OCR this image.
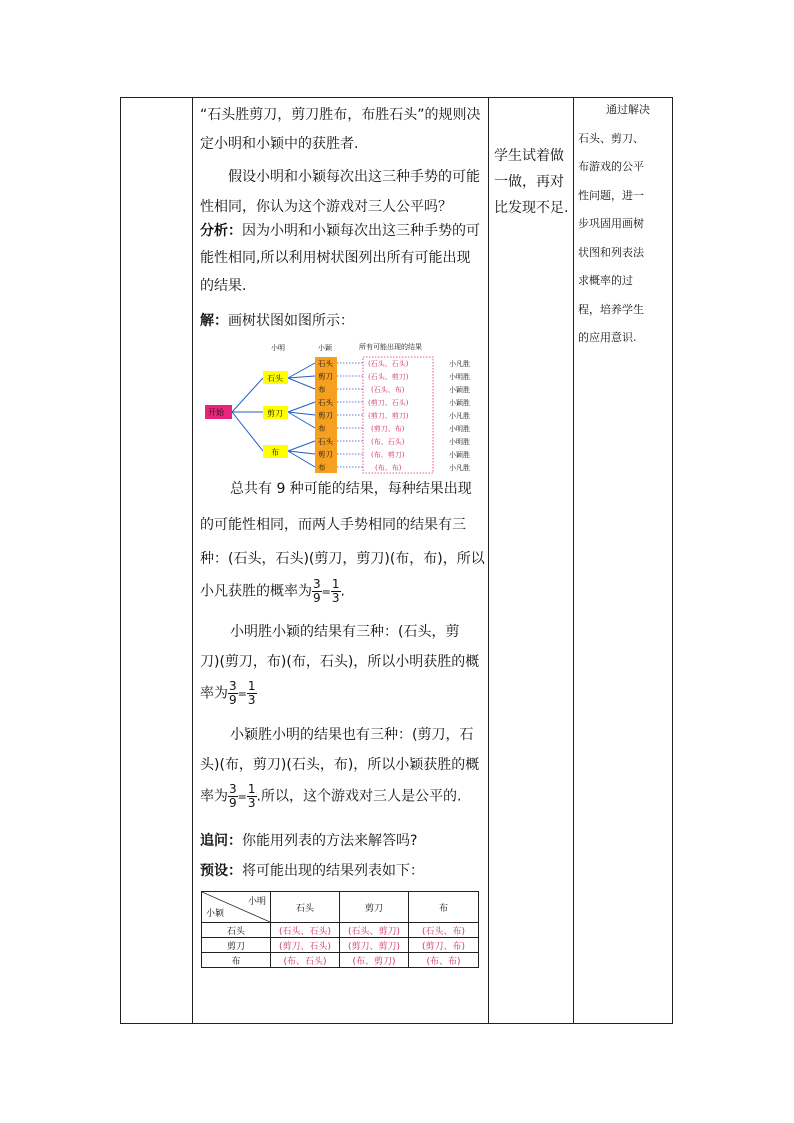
“石头胜剪刀，剪刀胜布，布胜石头”的规则决
定小明和小颖中的获胜者.
假设小明和小颖每次出这三种手势的可能
性相同，你认为这个游戏对三人公平吗？
分析：因为小明和小颖每次出这三种手势的可
能性相同,所以利用树状图列出所有可能出现
的结果.
解：画树状图如图所示：
总共有 9 种可能的结果，每种结果出现
的可能性相同，而两人手势相同的结果有三
种：(石头，石头)(剪刀，剪刀)(布，布)，所以
小凡获胜的概率为 $\frac{3}{9} = \frac{1}{3}$ .
小明胜小颖的结果有三种：(石头，剪
刀)(剪刀，布)(布，石头)，所以小明获胜的概
率为 $\frac{3}{9} = \frac{1}{3}$
小颖胜小明的结果也有三种：(剪刀，石
头)(布，剪刀)(石头，布)，所以小颖获胜的概
率为 $\frac{3}{9} = \frac{1}{3}$ .所以，这个游戏对三人是公平的.
追问：你能用列表的方法来解答吗?
预设：将可能出现的结果列表如下：
小明	小颖	所有可能出现的结果
开始
石头
剪刀
布
石头
剪刀
布
石头
剪刀
布
石头
剪刀
布
(石头、石头)
(石头、剪刀)
(石头、布)
(剪刀、石头)
(剪刀、剪刀)
(剪刀、布)
(布、石头)
(布、剪刀)
(布、布)
小凡胜
小明胜
小颖胜
小颖胜
小凡胜
小明胜
小明胜
小颖胜
小凡胜
小明
小颖	石头	剪刀	布
石头	(石头、石头)	(石头、剪刀)	(石头、布)
剪刀	(剪刀、石头)	(剪刀、剪刀)	(剪刀、布)
布	(布、石头)	(布、剪刀)	(布、布)
学生试着做
一做，再对
比发现不足.
通过解决
石头、剪刀、
布游戏的公平
性问题，进一
步巩固用画树
状图和列表法
求概率的过
程，培养学生
的应用意识.
